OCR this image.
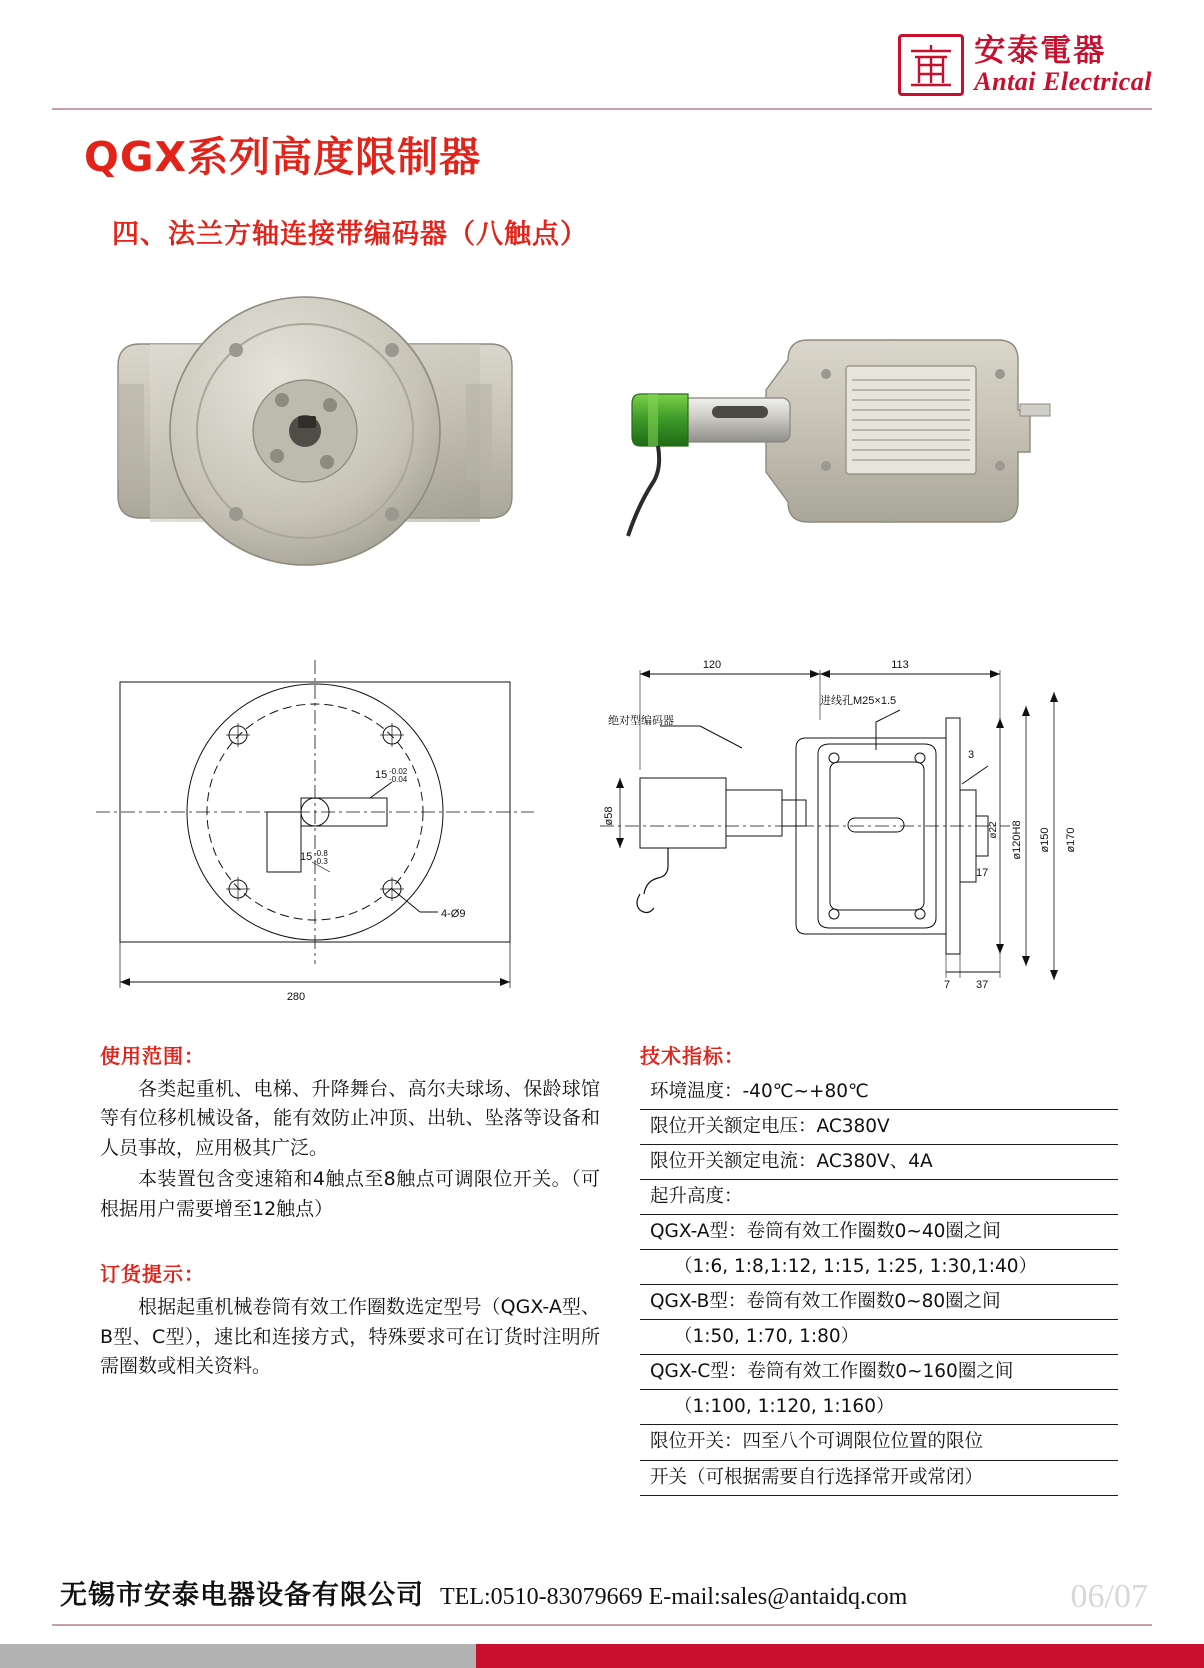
安泰電器
Antai Electrical
QGX系列高度限制器
四、法兰方轴连接带编码器（八触点）
280
4-Ø9
15 -0.02
-0.04
15 -0.8
-0.3
120	113
绝对型编码器
进线孔M25×1.5
ø58
ø22 ø120H8 ø150 ø170
3
17
7 37
使用范围：

各类起重机、电梯、升降舞台、高尔夫球场、保龄球馆等有位移机械设备，能有效防止冲顶、出轨、坠落等设备和人员事故，应用极其广泛。

本装置包含变速箱和4触点至8触点可调限位开关。（可根据用户需要增至12触点）

订货提示：

根据起重机械卷筒有效工作圈数选定型号（QGX-A型、B型、C型），速比和连接方式，特殊要求可在订货时注明所需圈数或相关资料。

技术指标：
环境温度：-40℃~+80℃
限位开关额定电压：AC380V
限位开关额定电流：AC380V、4A
起升高度：
QGX-A型：卷筒有效工作圈数0~40圈之间
（1:6, 1:8,1:12, 1:15, 1:25, 1:30,1:40）
QGX-B型：卷筒有效工作圈数0~80圈之间
（1:50, 1:70, 1:80）
QGX-C型：卷筒有效工作圈数0~160圈之间
（1:100, 1:120, 1:160）
限位开关：四至八个可调限位位置的限位
开关（可根据需要自行选择常开或常闭）
无锡市安泰电器设备有限公司 TEL:0510-83079669 E-mail:sales@antaidq.com	06/07
